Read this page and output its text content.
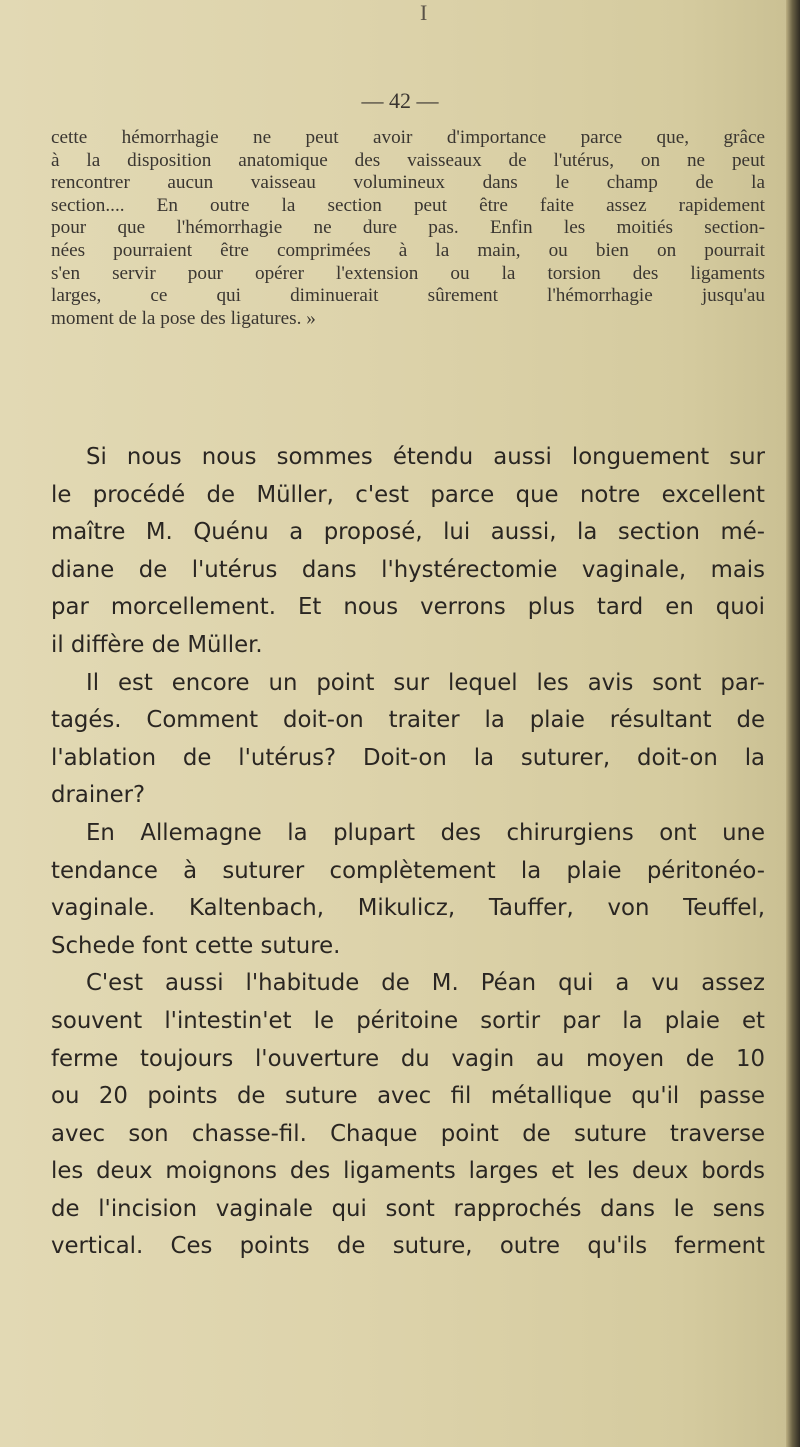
I
— 42 —
cette hémorrhagie ne peut avoir d'importance parce que, grâce
à la disposition anatomique des vaisseaux de l'utérus, on ne peut
rencontrer aucun vaisseau volumineux dans le champ de la
section.... En outre la section peut être faite assez rapidement
pour que l'hémorrhagie ne dure pas. Enfin les moitiés section-
nées pourraient être comprimées à la main, ou bien on pourrait
s'en servir pour opérer l'extension ou la torsion des ligaments
larges, ce qui diminuerait sûrement l'hémorrhagie jusqu'au
moment de la pose des ligatures. »
Si nous nous sommes étendu aussi longuement sur
le procédé de Müller, c'est parce que notre excellent
maître M. Quénu a proposé, lui aussi, la section mé-
diane de l'utérus dans l'hystérectomie vaginale, mais
par morcellement. Et nous verrons plus tard en quoi
il diffère de Müller.
Il est encore un point sur lequel les avis sont par-
tagés. Comment doit-on traiter la plaie résultant de
l'ablation de l'utérus? Doit-on la suturer, doit-on la
drainer?
En Allemagne la plupart des chirurgiens ont une
tendance à suturer complètement la plaie péritonéo-
vaginale. Kaltenbach, Mikulicz, Tauffer, von Teuffel,
Schede font cette suture.
C'est aussi l'habitude de M. Péan qui a vu assez
souvent l'intestin'et le péritoine sortir par la plaie et
ferme toujours l'ouverture du vagin au moyen de 10
ou 20 points de suture avec fil métallique qu'il passe
avec son chasse-fil. Chaque point de suture traverse
les deux moignons des ligaments larges et les deux bords
de l'incision vaginale qui sont rapprochés dans le sens
vertical. Ces points de suture, outre qu'ils ferment
